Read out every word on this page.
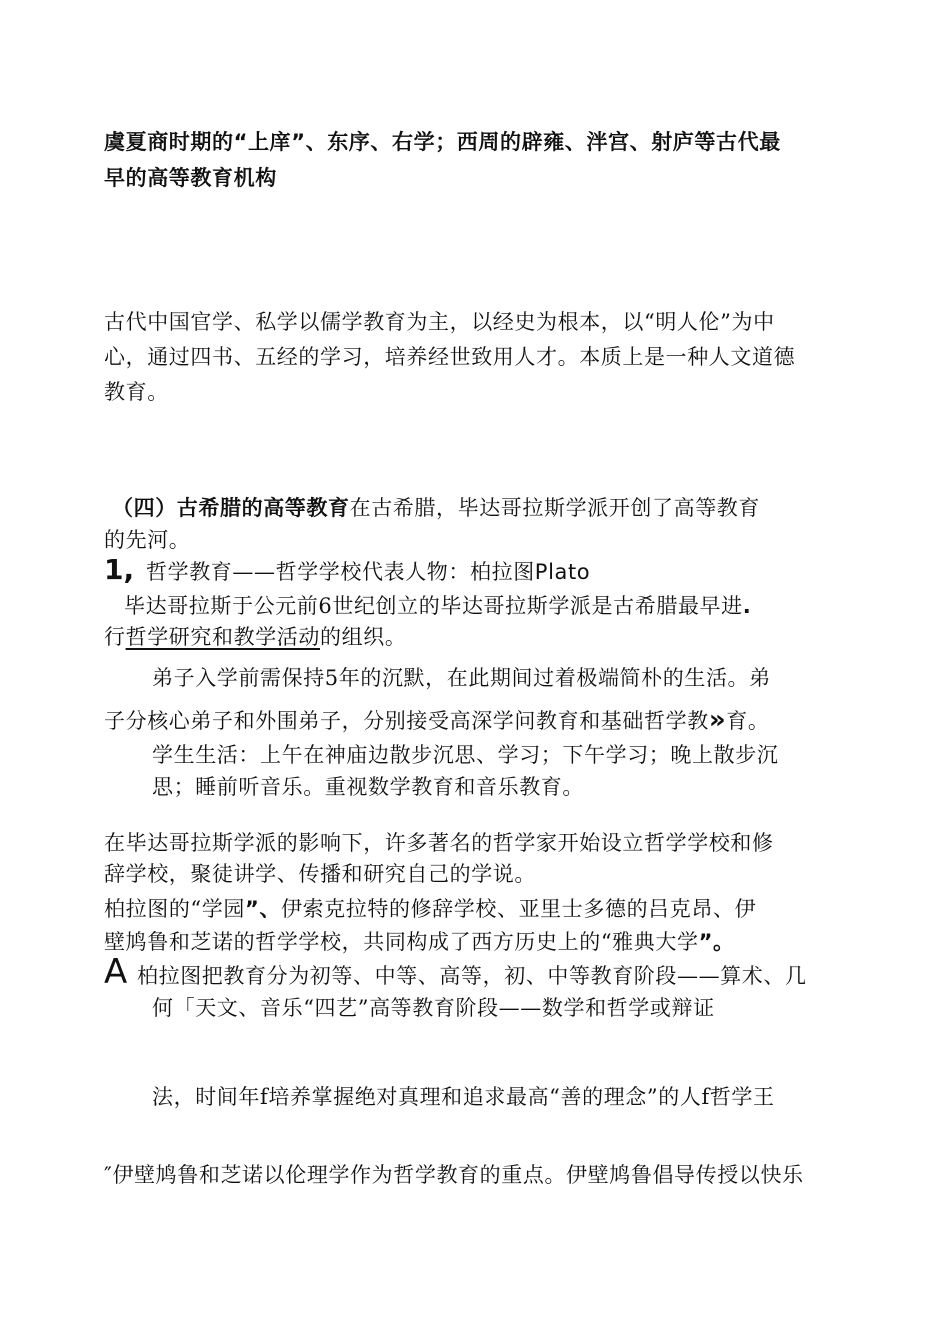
虞夏商时期的“上庠”、东序、右学；西周的辟雍、泮宫、射庐等古代最
早的高等教育机构
古代中国官学、私学以儒学教育为主，以经史为根本，以“明人伦”为中
心，通过四书、五经的学习，培养经世致用人才。本质上是一种人文道德
教育。
（四）古希腊的高等教育在古希腊，毕达哥拉斯学派开创了高等教育
的先河。
1, 哲学教育——哲学学校代表人物：柏拉图Plato
毕达哥拉斯于公元前6世纪创立的毕达哥拉斯学派是古希腊最早进.
行哲学研究和教学活动的组织。
弟子入学前需保持5年的沉默，在此期间过着极端简朴的生活。弟
子分核心弟子和外围弟子，分别接受高深学问教育和基础哲学教»育。
学生生活：上午在神庙边散步沉思、学习；下午学习；晚上散步沉
思；睡前听音乐。重视数学教育和音乐教育。
在毕达哥拉斯学派的影响下，许多著名的哲学家开始设立哲学学校和修
辞学校，聚徒讲学、传播和研究自己的学说。
柏拉图的“学园”、伊索克拉特的修辞学校、亚里士多德的吕克昂、伊
壁鸠鲁和芝诺的哲学学校，共同构成了西方历史上的“雅典大学”。
A 柏拉图把教育分为初等、中等、高等，初、中等教育阶段——算术、几
何「天文、音乐“四艺”高等教育阶段——数学和哲学或辩证
法，时间年f培养掌握绝对真理和追求最高“善的理念”的人f哲学王
″伊壁鸠鲁和芝诺以伦理学作为哲学教育的重点。伊壁鸠鲁倡导传授以快乐
